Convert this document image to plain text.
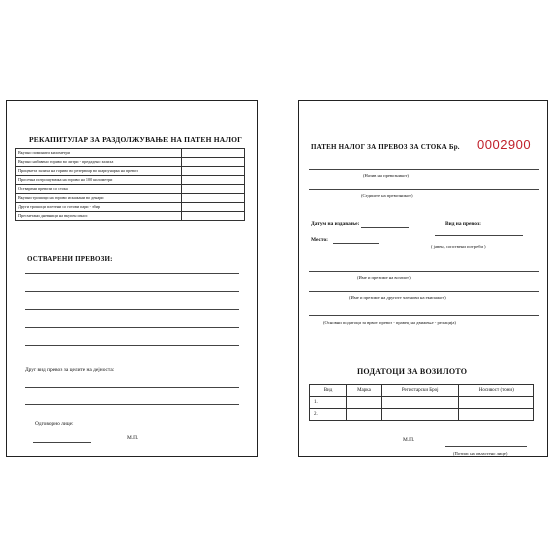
РЕКАПИТУЛАР ЗА РАЗДОЛЖУВАЊЕ НА ПАТЕН НАЛОГ
Вкупно поминати километри	
Вкупно набавено гориво во литри - предадено залиха	
Проценета залиха на гориво во резервоар во шарпунарка на превоз	
Просечна потрошувачка на гориво на 100 километри	
Остварени превози со стока	
Вкупни трошоци на гориво искажани во денари	
Други трошоци плетени со готови пари - збир	
Пресметани дневници на вкупен износ	
ОСТВАРЕНИ ПРЕВОЗИ:
Друг вид превоз за целите на дејноста:
Одговорно лице:
М.П.
ПАТЕН НАЛОГ ЗА ПРЕВОЗ ЗА СТОКА Бр. 0002900
(Назив на превозникот)
(Седиште на превозникот)
Датум на издавање:	Вид на превоз:
Место:
( јавен, сопствени потреби )
(Име и презиме на возачот)
(Име и презиме на другите членови на екипажот)
(Основни податоци за врвот превоз - правец на движење - релација)
ПОДАТОЦИ ЗА ВОЗИЛОТО
Вид	Марка	Регистарски Број	Носивост (тони)
1.			
2.			
М.П.
(Потпис на овластено лице)
